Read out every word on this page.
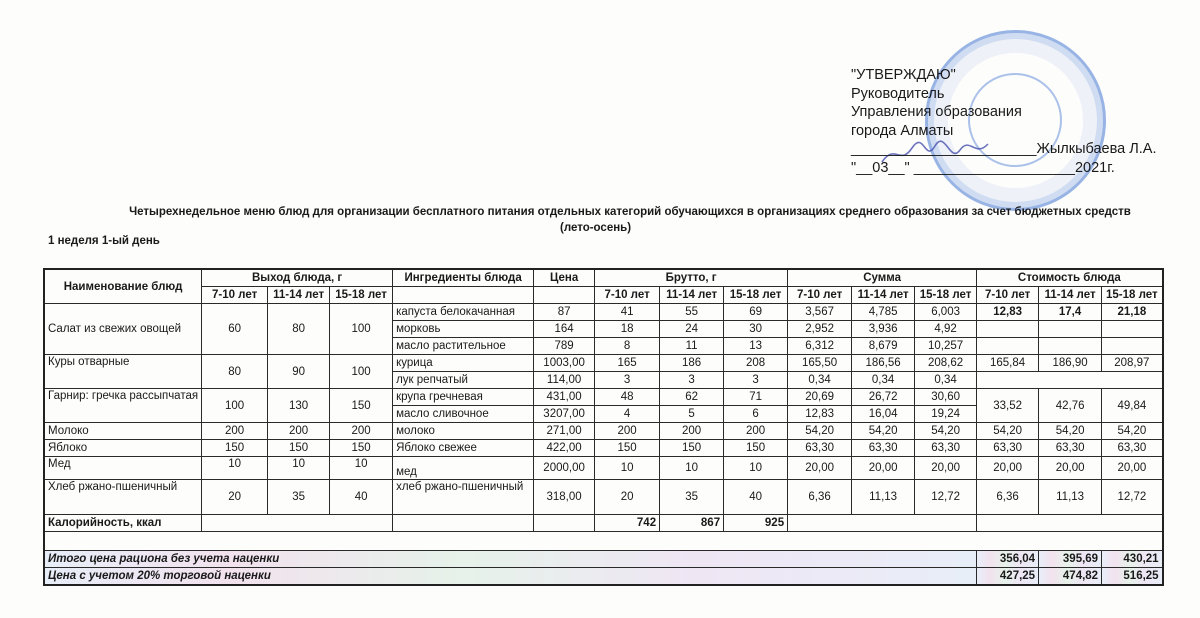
"УТВЕРЖДАЮ"
Руководитель
Управления образования
города Алматы
_______________________Жылкыбаева Л.А.
"__03__" ____________________2021г.
Четырехнедельное меню блюд для организации бесплатного питания отдельных категорий обучающихся в организациях среднего образования за счет бюджетных средств
(лето-осень)
1 неделя 1-ый день
Наименование блюд	Выход блюда, г			Ингредиенты блюда	Цена	Брутто, г			Сумма			Стоимость блюда		
	7-10 лет	11-14 лет	15-18 лет			7-10 лет	11-14 лет	15-18 лет	7-10 лет	11-14 лет	15-18 лет	7-10 лет	11-14 лет	15-18 лет
Салат из свежих овощей	60	80	100	капуста белокачанная	87	41	55	69	3,567	4,785	6,003	12,83	17,4	21,18
				морковь	164	18	24	30	2,952	3,936	4,92			
				масло растительное	789	8	11	13	6,312	8,679	10,257			
Куры отварные	80	90	100	курица	1003,00	165	186	208	165,50	186,56	208,62	165,84	186,90	208,97
				лук репчатый	114,00	3	3	3	0,34	0,34	0,34			
Гарнир: гречка рассыпчатая	100	130	150	крупа гречневая	431,00	48	62	71	20,69	26,72	30,60	33,52	42,76	49,84
				масло сливочное	3207,00	4	5	6	12,83	16,04	19,24			
Молоко	200	200	200	молоко	271,00	200	200	200	54,20	54,20	54,20	54,20	54,20	54,20
Яблоко	150	150	150	Яблоко свежее	422,00	150	150	150	63,30	63,30	63,30	63,30	63,30	63,30
Мед	10	10	10	мед	2000,00	10	10	10	20,00	20,00	20,00	20,00	20,00	20,00
Хлеб ржано-пшеничный	20	35	40	хлеб ржано-пшеничный	318,00	20	35	40	6,36	11,13	12,72	6,36	11,13	12,72
Калорийность, ккал						742	867	925						

Итого цена рациона без учета наценки												356,04	395,69	430,21
Цена с учетом 20% торговой наценки												427,25	474,82	516,25
